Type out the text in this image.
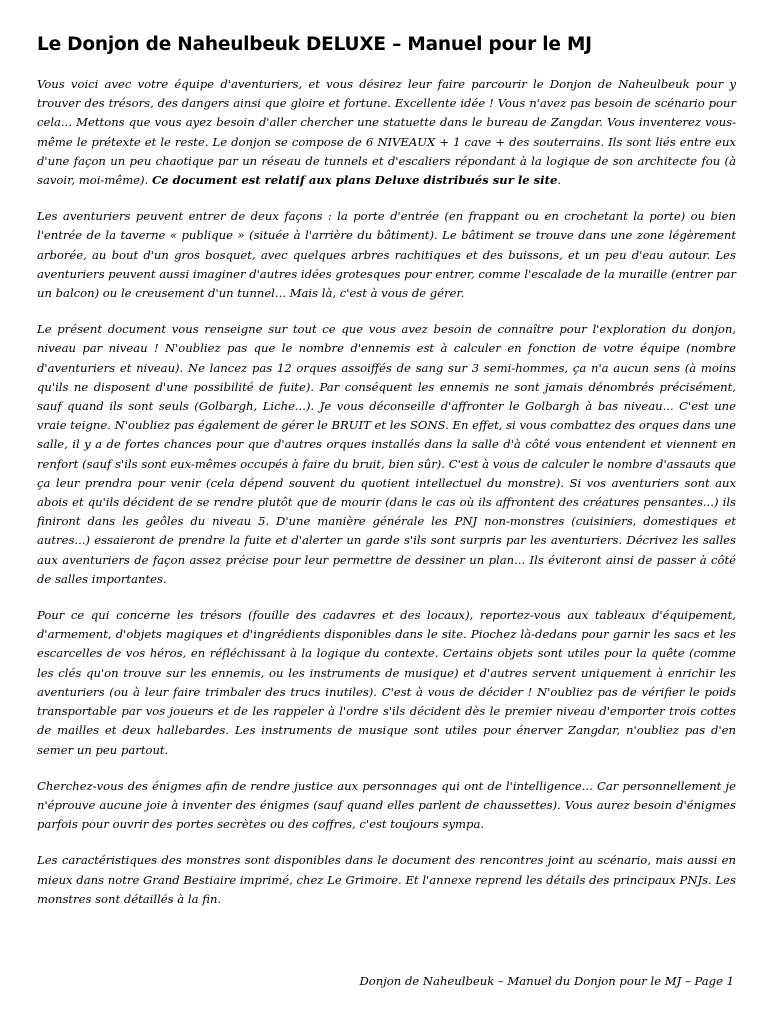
Le Donjon de Naheulbeuk DELUXE – Manuel pour le MJ

Vous voici avec votre équipe d'aventuriers, et vous désirez leur faire parcourir le Donjon de Naheulbeuk pour y trouver des trésors, des dangers ainsi que gloire et fortune. Excellente idée ! Vous n'avez pas besoin de scénario pour cela... Mettons que vous ayez besoin d'aller chercher une statuette dans le bureau de Zangdar. Vous inventerez vous-même le prétexte et le reste. Le donjon se compose de 6 NIVEAUX + 1 cave + des souterrains. Ils sont liés entre eux d'une façon un peu chaotique par un réseau de tunnels et d'escaliers répondant à la logique de son architecte fou (à savoir, moi-même). Ce document est relatif aux plans Deluxe distribués sur le site.

Les aventuriers peuvent entrer de deux façons : la porte d'entrée (en frappant ou en crochetant la porte) ou bien l'entrée de la taverne « publique » (située à l'arrière du bâtiment). Le bâtiment se trouve dans une zone légèrement arborée, au bout d'un gros bosquet, avec quelques arbres rachitiques et des buissons, et un peu d'eau autour. Les aventuriers peuvent aussi imaginer d'autres idées grotesques pour entrer, comme l'escalade de la muraille (entrer par un balcon) ou le creusement d'un tunnel... Mais là, c'est à vous de gérer.

Le présent document vous renseigne sur tout ce que vous avez besoin de connaître pour l'exploration du donjon, niveau par niveau ! N'oubliez pas que le nombre d'ennemis est à calculer en fonction de votre équipe (nombre d'aventuriers et niveau). Ne lancez pas 12 orques assoiffés de sang sur 3 semi-hommes, ça n'a aucun sens (à moins qu'ils ne disposent d'une possibilité de fuite). Par conséquent les ennemis ne sont jamais dénombrés précisément, sauf quand ils sont seuls (Golbargh, Liche...). Je vous déconseille d'affronter le Golbargh à bas niveau... C'est une vraie teigne. N'oubliez pas également de gérer le BRUIT et les SONS. En effet, si vous combattez des orques dans une salle, il y a de fortes chances pour que d'autres orques installés dans la salle d'à côté vous entendent et viennent en renfort (sauf s'ils sont eux-mêmes occupés à faire du bruit, bien sûr). C'est à vous de calculer le nombre d'assauts que ça leur prendra pour venir (cela dépend souvent du quotient intellectuel du monstre). Si vos aventuriers sont aux abois et qu'ils décident de se rendre plutôt que de mourir (dans le cas où ils affrontent des créatures pensantes...) ils finiront dans les geôles du niveau 5. D'une manière générale les PNJ non-monstres (cuisiniers, domestiques et autres...) essaieront de prendre la fuite et d'alerter un garde s'ils sont surpris par les aventuriers. Décrivez les salles aux aventuriers de façon assez précise pour leur permettre de dessiner un plan... Ils éviteront ainsi de passer à côté de salles importantes.

Pour ce qui concerne les trésors (fouille des cadavres et des locaux), reportez-vous aux tableaux d'équipement, d'armement, d'objets magiques et d'ingrédients disponibles dans le site. Piochez là-dedans pour garnir les sacs et les escarcelles de vos héros, en réfléchissant à la logique du contexte. Certains objets sont utiles pour la quête (comme les clés qu'on trouve sur les ennemis, ou les instruments de musique) et d'autres servent uniquement à enrichir les aventuriers (ou à leur faire trimbaler des trucs inutiles). C'est à vous de décider ! N'oubliez pas de vérifier le poids transportable par vos joueurs et de les rappeler à l'ordre s'ils décident dès le premier niveau d'emporter trois cottes de mailles et deux hallebardes. Les instruments de musique sont utiles pour énerver Zangdar, n'oubliez pas d'en semer un peu partout.

Cherchez-vous des énigmes afin de rendre justice aux personnages qui ont de l'intelligence... Car personnellement je n'éprouve aucune joie à inventer des énigmes (sauf quand elles parlent de chaussettes). Vous aurez besoin d'énigmes parfois pour ouvrir des portes secrètes ou des coffres, c'est toujours sympa.

Les caractéristiques des monstres sont disponibles dans le document des rencontres joint au scénario, mais aussi en mieux dans notre Grand Bestiaire imprimé, chez Le Grimoire. Et l'annexe reprend les détails des principaux PNJs. Les monstres sont détaillés à la fin.

Donjon de Naheulbeuk – Manuel du Donjon pour le MJ – Page 1
